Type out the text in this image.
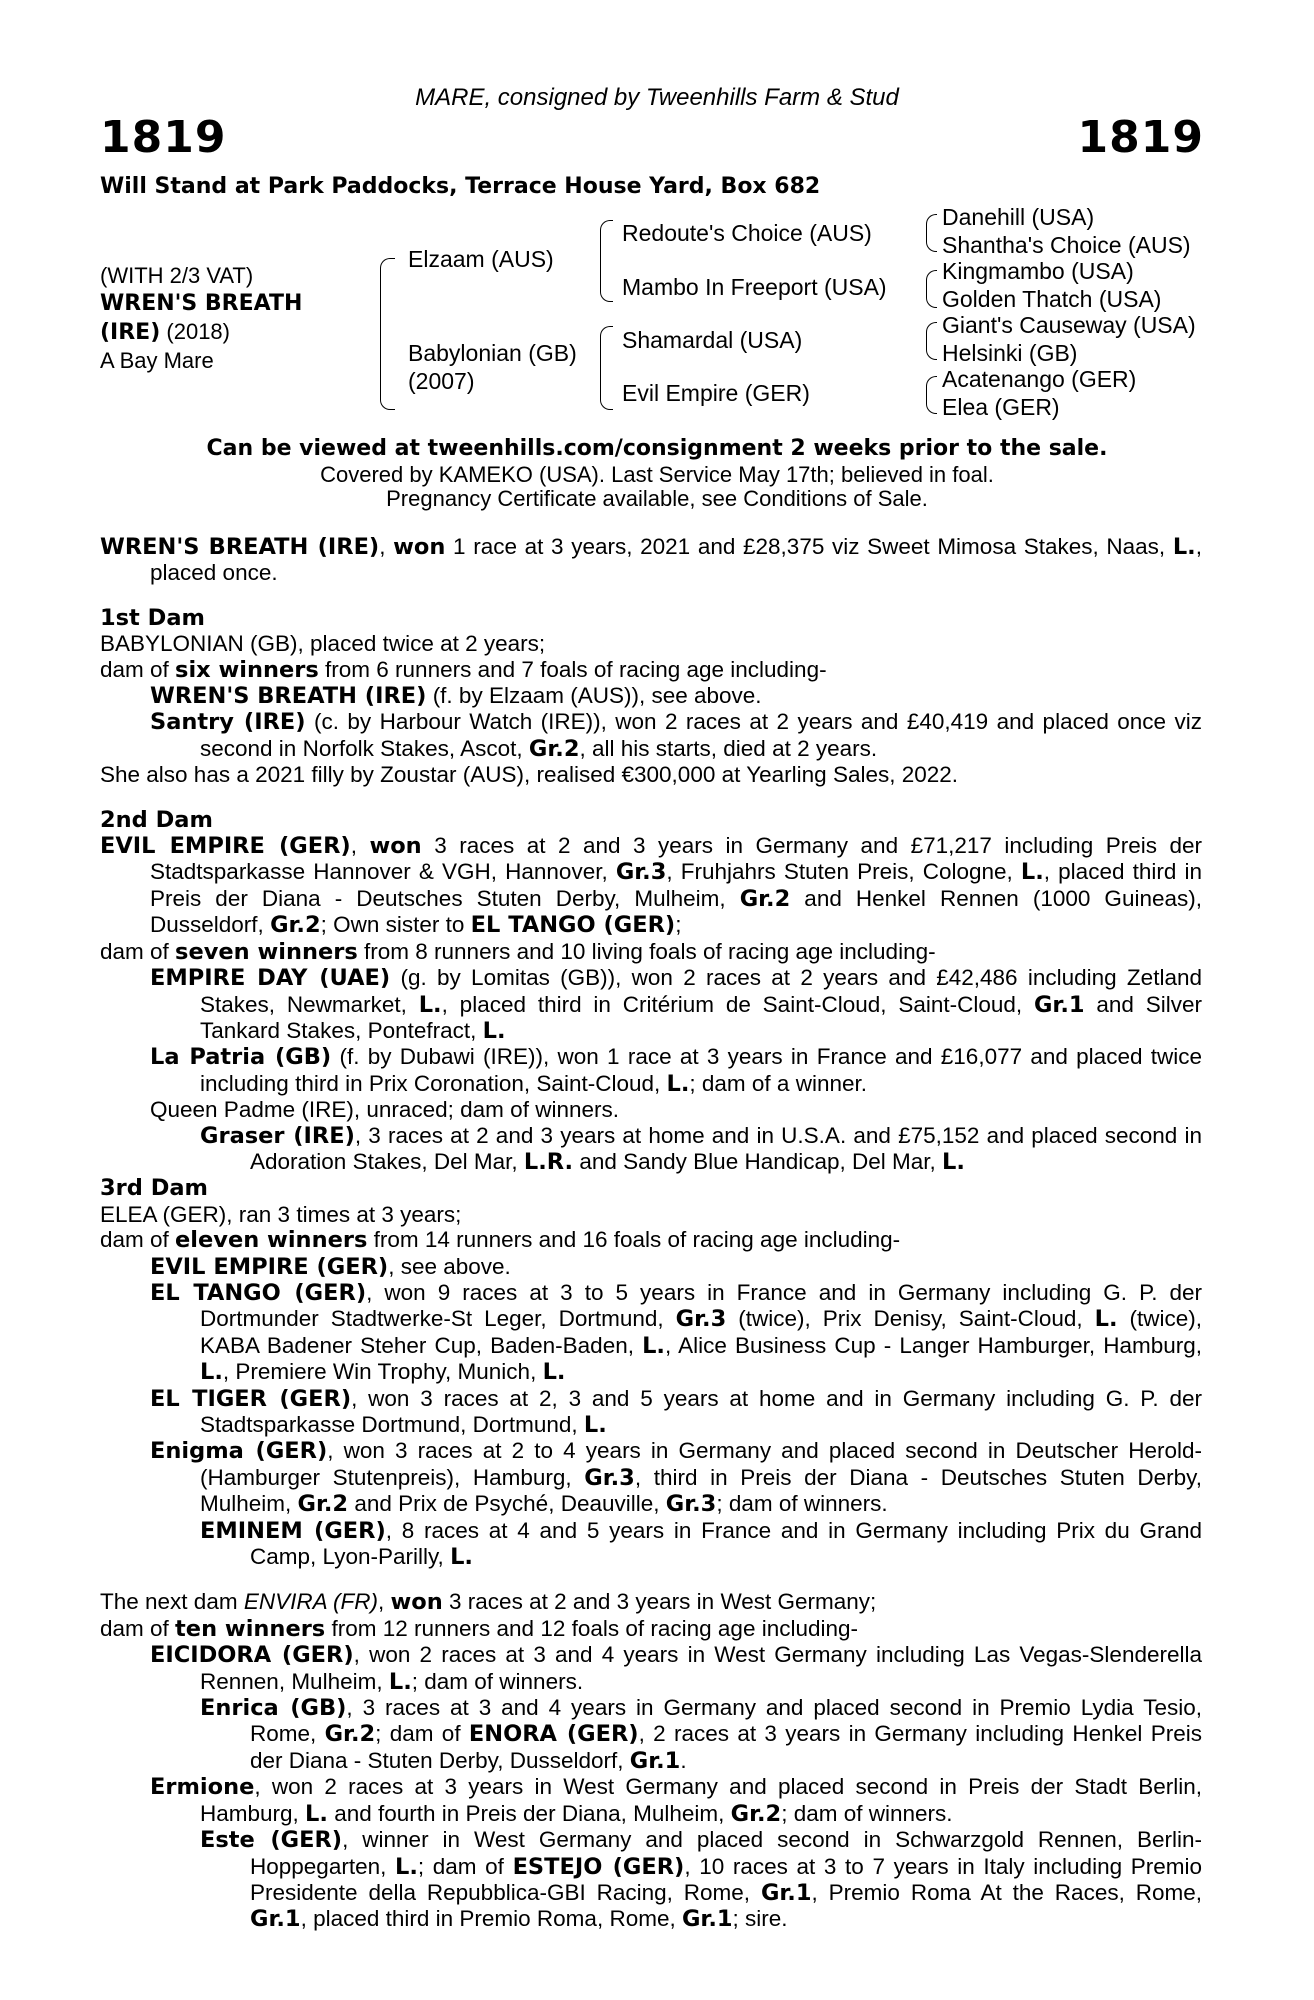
MARE, consigned by Tweenhills Farm & Stud
1819	1819
Will Stand at Park Paddocks, Terrace House Yard, Box 682
(WITH 2/3 VAT)
WREN'S BREATH
(IRE) (2018)
A Bay Mare
Elzaam (AUS)
Babylonian (GB)
(2007)
Redoute's Choice (AUS)
Mambo In Freeport (USA)
Shamardal (USA)
Evil Empire (GER)
Danehill (USA)
Shantha's Choice (AUS)
Kingmambo (USA)
Golden Thatch (USA)
Giant's Causeway (USA)
Helsinki (GB)
Acatenango (GER)
Elea (GER)
Can be viewed at tweenhills.com/consignment 2 weeks prior to the sale.
Covered by KAMEKO (USA). Last Service May 17th; believed in foal.
Pregnancy Certificate available, see Conditions of Sale.

WREN'S BREATH (IRE), won 1 race at 3 years, 2021 and £28,375 viz Sweet Mimosa Stakes, Naas, L., placed once.

1st Dam

BABYLONIAN (GB), placed twice at 2 years;

dam of six winners from 6 runners and 7 foals of racing age including-

WREN'S BREATH (IRE) (f. by Elzaam (AUS)), see above.

Santry (IRE) (c. by Harbour Watch (IRE)), won 2 races at 2 years and £40,419 and placed once viz second in Norfolk Stakes, Ascot, Gr.2, all his starts, died at 2 years.

She also has a 2021 filly by Zoustar (AUS), realised €300,000 at Yearling Sales, 2022.

2nd Dam

EVIL EMPIRE (GER), won 3 races at 2 and 3 years in Germany and £71,217 including Preis der Stadtsparkasse Hannover & VGH, Hannover, Gr.3, Fruhjahrs Stuten Preis, Cologne, L., placed third in Preis der Diana - Deutsches Stuten Derby, Mulheim, Gr.2 and Henkel Rennen (1000 Guineas), Dusseldorf, Gr.2; Own sister to EL TANGO (GER);

dam of seven winners from 8 runners and 10 living foals of racing age including-

EMPIRE DAY (UAE) (g. by Lomitas (GB)), won 2 races at 2 years and £42,486 including Zetland Stakes, Newmarket, L., placed third in Critérium de Saint-Cloud, Saint-Cloud, Gr.1 and Silver Tankard Stakes, Pontefract, L.

La Patria (GB) (f. by Dubawi (IRE)), won 1 race at 3 years in France and £16,077 and placed twice including third in Prix Coronation, Saint-Cloud, L.; dam of a winner.

Queen Padme (IRE), unraced; dam of winners.

Graser (IRE), 3 races at 2 and 3 years at home and in U.S.A. and £75,152 and placed second in Adoration Stakes, Del Mar, L.R. and Sandy Blue Handicap, Del Mar, L.

3rd Dam

ELEA (GER), ran 3 times at 3 years;

dam of eleven winners from 14 runners and 16 foals of racing age including-

EVIL EMPIRE (GER), see above.

EL TANGO (GER), won 9 races at 3 to 5 years in France and in Germany including G. P. der Dortmunder Stadtwerke-St Leger, Dortmund, Gr.3 (twice), Prix Denisy, Saint-Cloud, L. (twice), KABA Badener Steher Cup, Baden-Baden, L., Alice Business Cup - Langer Hamburger, Hamburg, L., Premiere Win Trophy, Munich, L.

EL TIGER (GER), won 3 races at 2, 3 and 5 years at home and in Germany including G. P. der Stadtsparkasse Dortmund, Dortmund, L.

Enigma (GER), won 3 races at 2 to 4 years in Germany and placed second in Deutscher Herold-(Hamburger Stutenpreis), Hamburg, Gr.3, third in Preis der Diana - Deutsches Stuten Derby, Mulheim, Gr.2 and Prix de Psyché, Deauville, Gr.3; dam of winners.

EMINEM (GER), 8 races at 4 and 5 years in France and in Germany including Prix du Grand Camp, Lyon-Parilly, L.

The next dam ENVIRA (FR), won 3 races at 2 and 3 years in West Germany;

dam of ten winners from 12 runners and 12 foals of racing age including-

EICIDORA (GER), won 2 races at 3 and 4 years in West Germany including Las Vegas-Slenderella Rennen, Mulheim, L.; dam of winners.

Enrica (GB), 3 races at 3 and 4 years in Germany and placed second in Premio Lydia Tesio, Rome, Gr.2; dam of ENORA (GER), 2 races at 3 years in Germany including Henkel Preis der Diana - Stuten Derby, Dusseldorf, Gr.1.

Ermione, won 2 races at 3 years in West Germany and placed second in Preis der Stadt Berlin, Hamburg, L. and fourth in Preis der Diana, Mulheim, Gr.2; dam of winners.

Este (GER), winner in West Germany and placed second in Schwarzgold Rennen, Berlin-Hoppegarten, L.; dam of ESTEJO (GER), 10 races at 3 to 7 years in Italy including Premio Presidente della Repubblica-GBI Racing, Rome, Gr.1, Premio Roma At the Races, Rome, Gr.1, placed third in Premio Roma, Rome, Gr.1; sire.
